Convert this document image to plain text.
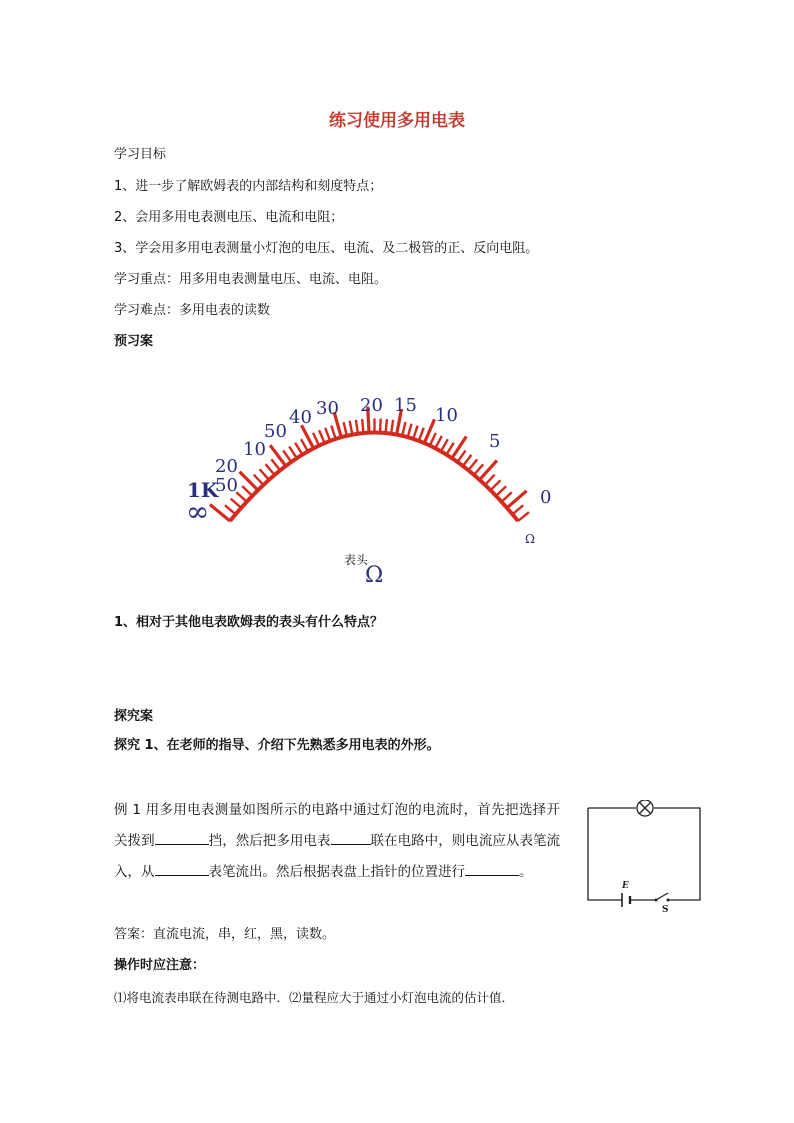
练习使用多用电表
学习目标
1、进一步了解欧姆表的内部结构和刻度特点；
2、会用多用电表测电压、电流和电阻；
3、学会用多用电表测量小灯泡的电压、电流、及二极管的正、反向电阻。
学习重点：用多用电表测量电压、电流、电阻。
学习难点：多用电表的读数
预习案
∞
1K
50
20
10
50
40 30 20 15 10
5
0
Ω
表头
Ω
1、相对于其他电表欧姆表的表头有什么特点？
探究案
探究 1、在老师的指导、介绍下先熟悉多用电表的外形。
例 1 用多用电表测量如图所示的电路中通过灯泡的电流时，首先把选择开关拨到	挡，然后把多用电表	联在电路中，则电流应从表笔流入，从	表笔流出。然后根据表盘上指针的位置进行	。
E
S
答案：直流电流，串，红，黑，读数。
操作时应注意：
⑴将电流表串联在待测电路中．⑵量程应大于通过小灯泡电流的估计值．
